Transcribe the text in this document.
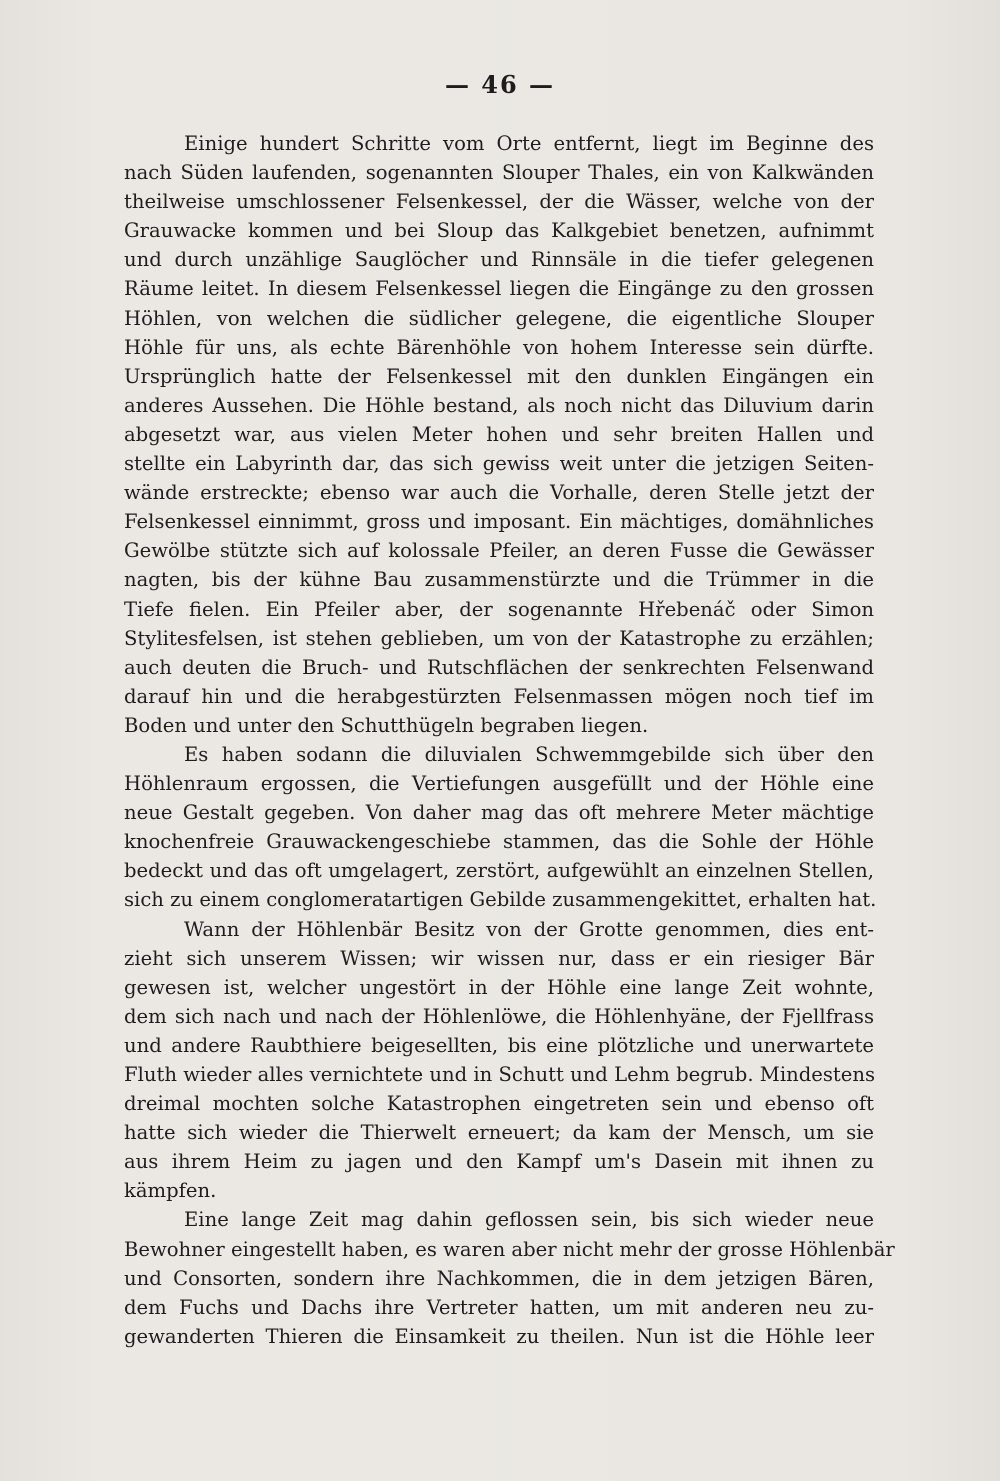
— 46 —
Einige hundert Schritte vom Orte entfernt, liegt im Beginne des
nach Süden laufenden, sogenannten Slouper Thales, ein von Kalkwänden
theilweise umschlossener Felsenkessel, der die Wässer, welche von der
Grauwacke kommen und bei Sloup das Kalkgebiet benetzen, aufnimmt
und durch unzählige Sauglöcher und Rinnsäle in die tiefer gelegenen
Räume leitet. In diesem Felsenkessel liegen die Eingänge zu den grossen
Höhlen, von welchen die südlicher gelegene, die eigentliche Slouper
Höhle für uns, als echte Bärenhöhle von hohem Interesse sein dürfte.
Ursprünglich hatte der Felsenkessel mit den dunklen Eingängen ein
anderes Aussehen. Die Höhle bestand, als noch nicht das Diluvium darin
abgesetzt war, aus vielen Meter hohen und sehr breiten Hallen und
stellte ein Labyrinth dar, das sich gewiss weit unter die jetzigen Seiten-
wände erstreckte; ebenso war auch die Vorhalle, deren Stelle jetzt der
Felsenkessel einnimmt, gross und imposant. Ein mächtiges, domähnliches
Gewölbe stützte sich auf kolossale Pfeiler, an deren Fusse die Gewässer
nagten, bis der kühne Bau zusammenstürzte und die Trümmer in die
Tiefe fielen. Ein Pfeiler aber, der sogenannte Hřebenáč oder Simon
Stylitesfelsen, ist stehen geblieben, um von der Katastrophe zu erzählen;
auch deuten die Bruch- und Rutschflächen der senkrechten Felsenwand
darauf hin und die herabgestürzten Felsenmassen mögen noch tief im
Boden und unter den Schutthügeln begraben liegen.
Es haben sodann die diluvialen Schwemmgebilde sich über den
Höhlenraum ergossen, die Vertiefungen ausgefüllt und der Höhle eine
neue Gestalt gegeben. Von daher mag das oft mehrere Meter mächtige
knochenfreie Grauwackengeschiebe stammen, das die Sohle der Höhle
bedeckt und das oft umgelagert, zerstört, aufgewühlt an einzelnen Stellen,
sich zu einem conglomeratartigen Gebilde zusammengekittet, erhalten hat.
Wann der Höhlenbär Besitz von der Grotte genommen, dies ent-
zieht sich unserem Wissen; wir wissen nur, dass er ein riesiger Bär
gewesen ist, welcher ungestört in der Höhle eine lange Zeit wohnte,
dem sich nach und nach der Höhlenlöwe, die Höhlenhyäne, der Fjellfrass
und andere Raubthiere beigesellten, bis eine plötzliche und unerwartete
Fluth wieder alles vernichtete und in Schutt und Lehm begrub. Mindestens
dreimal mochten solche Katastrophen eingetreten sein und ebenso oft
hatte sich wieder die Thierwelt erneuert; da kam der Mensch, um sie
aus ihrem Heim zu jagen und den Kampf um's Dasein mit ihnen zu
kämpfen.
Eine lange Zeit mag dahin geflossen sein, bis sich wieder neue
Bewohner eingestellt haben, es waren aber nicht mehr der grosse Höhlenbär
und Consorten, sondern ihre Nachkommen, die in dem jetzigen Bären,
dem Fuchs und Dachs ihre Vertreter hatten, um mit anderen neu zu-
gewanderten Thieren die Einsamkeit zu theilen. Nun ist die Höhle leer
